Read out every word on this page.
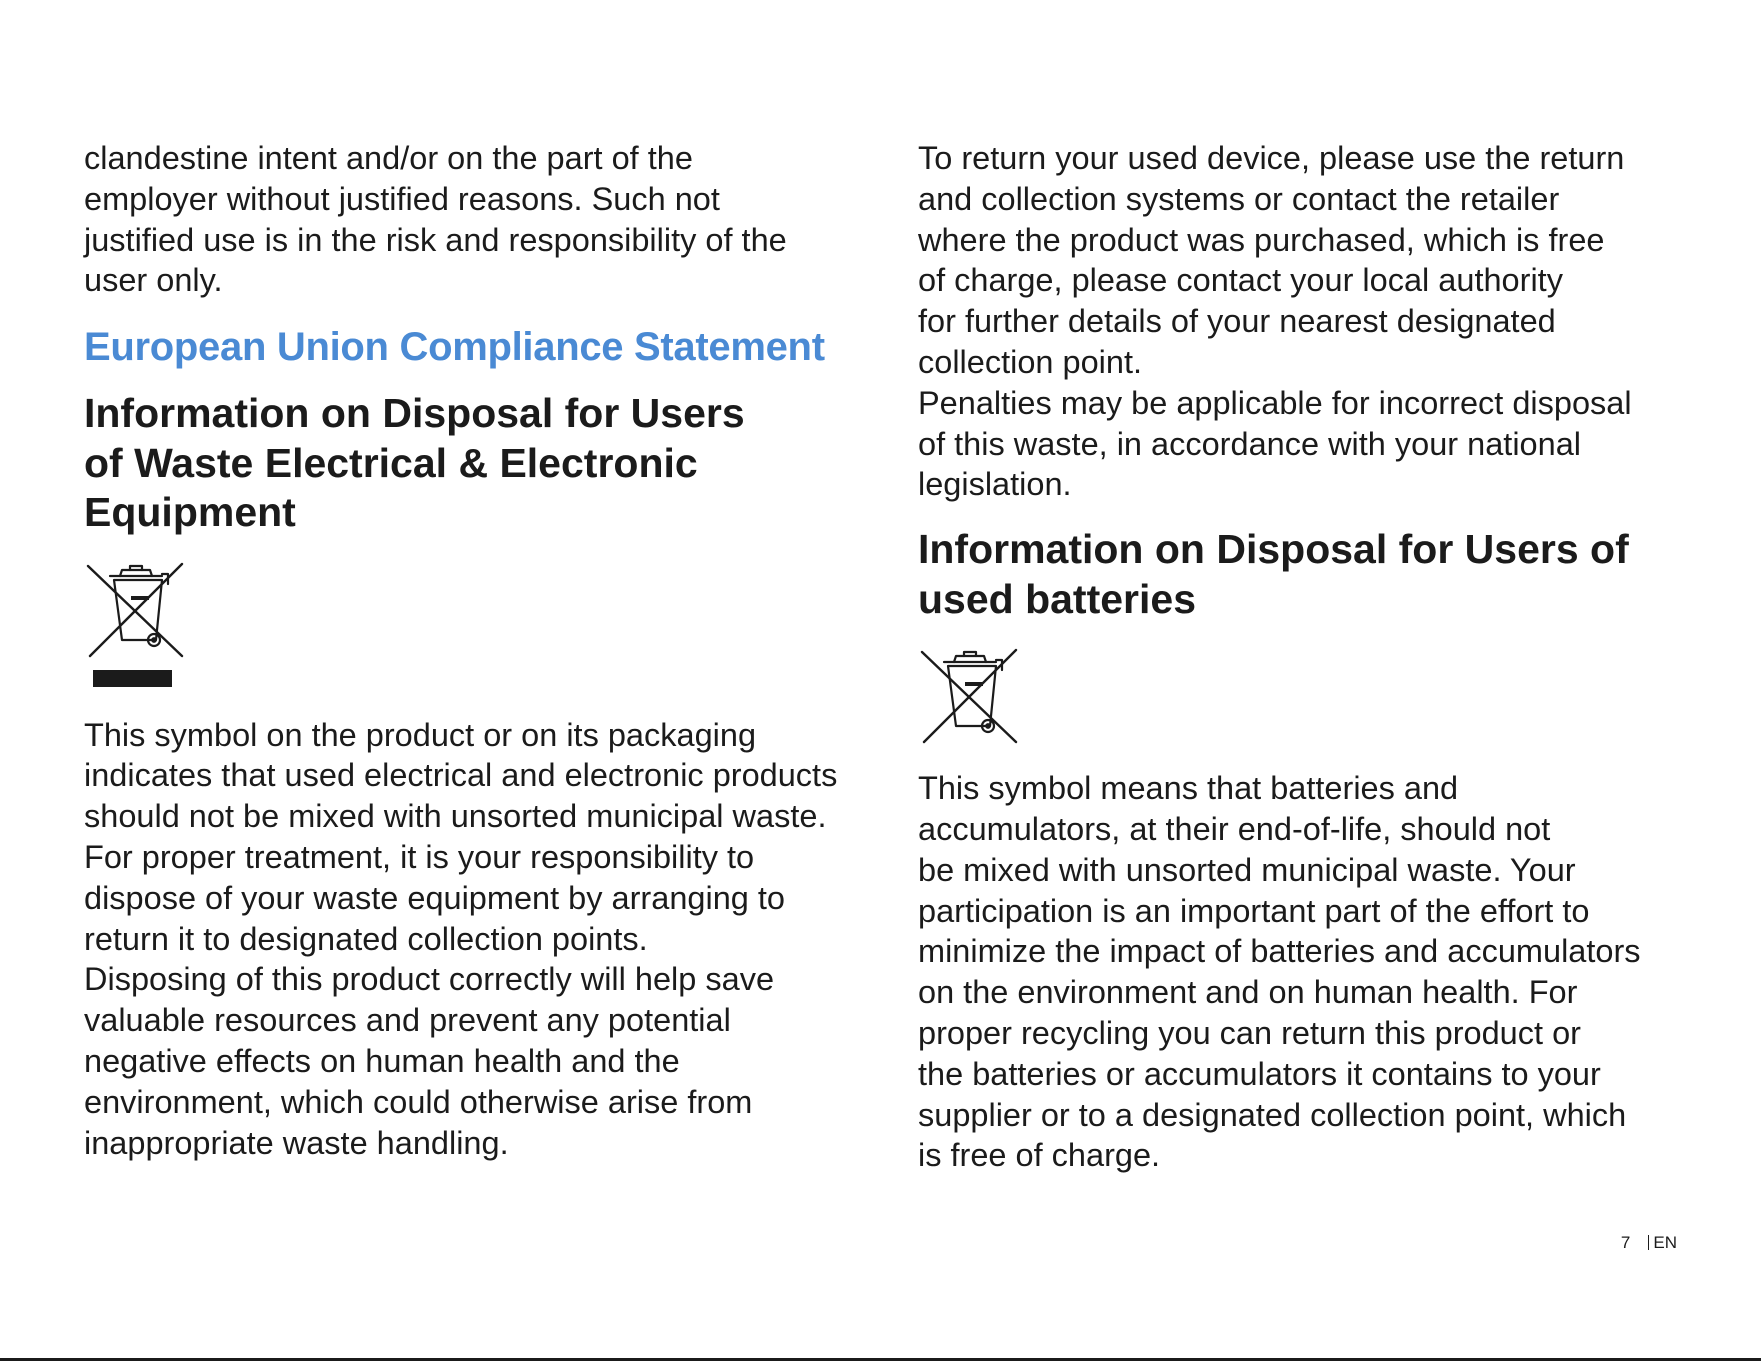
clandestine intent and/or on the part of the
employer without justified reasons. Such not
justified use is in the risk and responsibility of the
user only.

European Union Compliance Statement
Information on Disposal for Users
of Waste Electrical & Electronic
Equipment

This symbol on the product or on its packaging
indicates that used electrical and electronic products
should not be mixed with unsorted municipal waste.
For proper treatment, it is your responsibility to
dispose of your waste equipment by arranging to
return it to designated collection points.
Disposing of this product correctly will help save
valuable resources and prevent any potential
negative effects on human health and the
environment, which could otherwise arise from
inappropriate waste handling.

To return your used device, please use the return
and collection systems or contact the retailer
where the product was purchased, which is free
of charge, please contact your local authority
for further details of your nearest designated
collection point.
Penalties may be applicable for incorrect disposal
of this waste, in accordance with your national
legislation.

Information on Disposal for Users of
used batteries

This symbol means that batteries and
accumulators, at their end-of-life, should not
be mixed with unsorted municipal waste. Your
participation is an important part of the effort to
minimize the impact of batteries and accumulators
on the environment and on human health. For
proper recycling you can return this product or
the batteries or accumulators it contains to your
supplier or to a designated collection point, which
is free of charge.

7 EN
